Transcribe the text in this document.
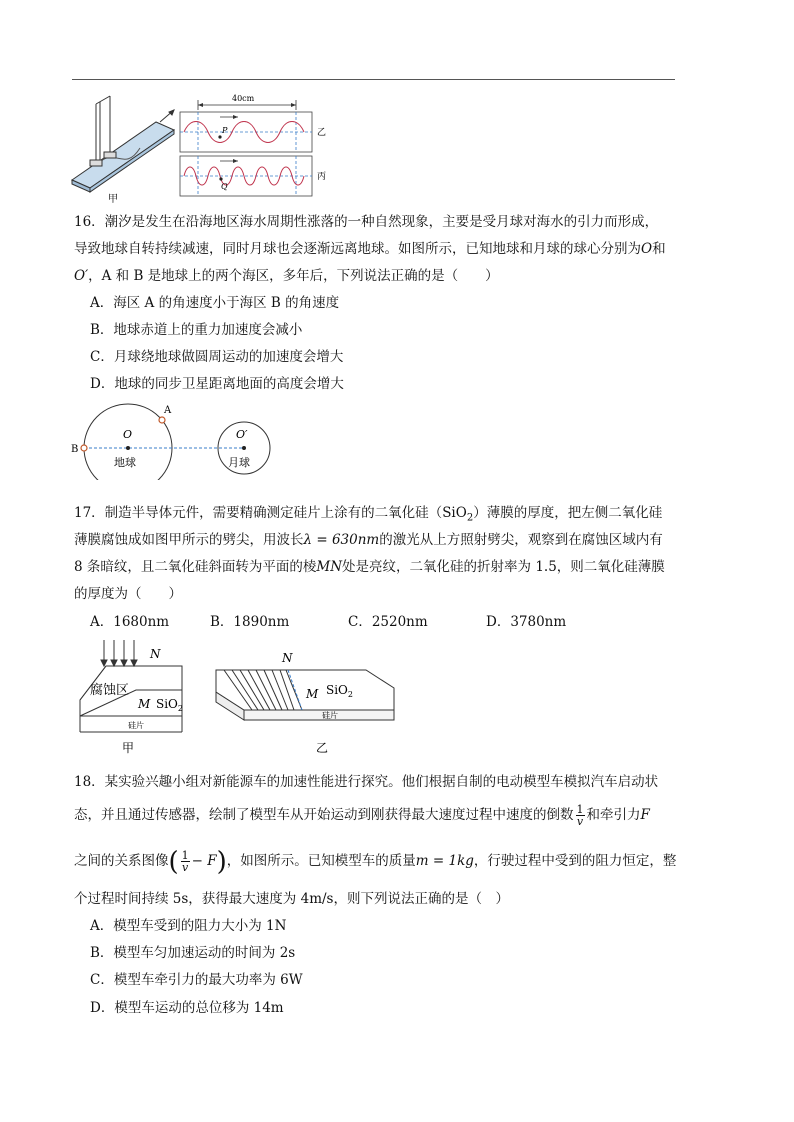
甲
40cm
P	乙
Q
丙
16．潮汐是发生在沿海地区海水周期性涨落的一种自然现象，主要是受月球对海水的引力而形成，
导致地球自转持续减速，同时月球也会逐渐远离地球。如图所示，已知地球和月球的球心分别为O和
O′，A 和 B 是地球上的两个海区，多年后，下列说法正确的是（　　）
A．海区 A 的角速度小于海区 B 的角速度
B．地球赤道上的重力加速度会减小
C．月球绕地球做圆周运动的加速度会增大
D．地球的同步卫星距离地面的高度会增大
A
B
O	O′
地球	月球
17．制造半导体元件，需要精确测定硅片上涂有的二氧化硅（SiO$_2$）薄膜的厚度，把左侧二氧化硅
薄膜腐蚀成如图甲所示的劈尖，用波长λ = 630nm的激光从上方照射劈尖，观察到在腐蚀区域内有
8 条暗纹，且二氧化硅斜面转为平面的棱MN处是亮纹，二氧化硅的折射率为 1.5，则二氧化硅薄膜
的厚度为（　　）
A．1680nm	B．1890nm	C．2520nm	D．3780nm
N
腐蚀区
M SiO$_2$
硅片
甲
N
M SiO$_2$
硅片
乙
18．某实验兴趣小组对新能源车的加速性能进行探究。他们根据自制的电动模型车模拟汽车启动状
态，并且通过传感器，绘制了模型车从开始运动到刚获得最大速度过程中速度的倒数 $\frac{1}{v}$ 和牵引力F
之间的关系图像( $\frac{1}{v} - F$)，如图所示。已知模型车的质量m = 1kg，行驶过程中受到的阻力恒定，整
个过程时间持续 5s，获得最大速度为 4m/s，则下列说法正确的是（　）
A．模型车受到的阻力大小为 1N
B．模型车匀加速运动的时间为 2s
C．模型车牵引力的最大功率为 6W
D．模型车运动的总位移为 14m
